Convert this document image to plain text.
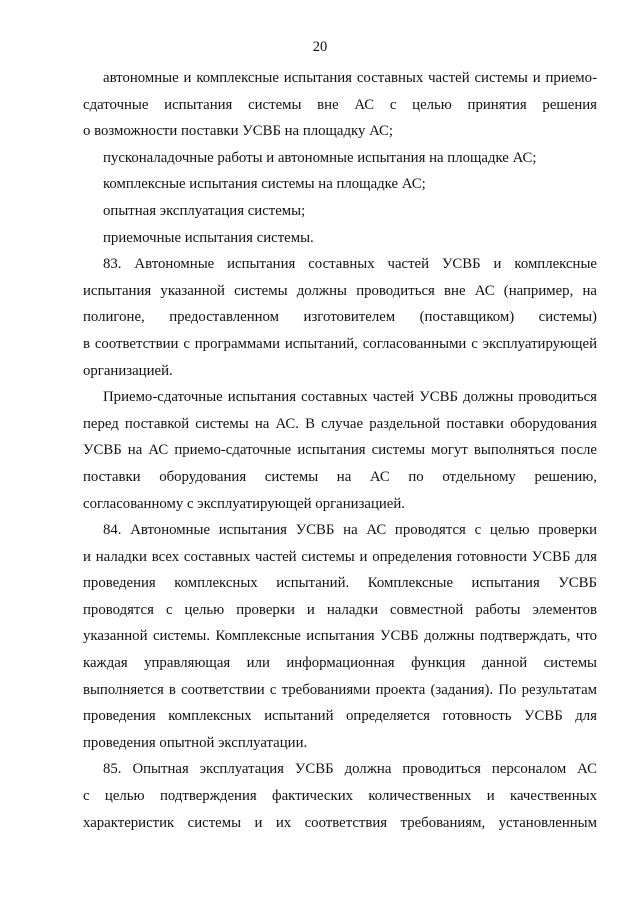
20
автономные и комплексные испытания составных частей системы и приемо-
сдаточные испытания системы вне АС с целью принятия решения
о возможности поставки УСВБ на площадку АС;
пусконаладочные работы и автономные испытания на площадке АС;
комплексные испытания системы на площадке АС;
опытная эксплуатация системы;
приемочные испытания системы.
83. Автономные испытания составных частей УСВБ и комплексные
испытания указанной системы должны проводиться вне АС (например, на
полигоне, предоставленном изготовителем (поставщиком) системы)
в соответствии с программами испытаний, согласованными с эксплуатирующей
организацией.
Приемо-сдаточные испытания составных частей УСВБ должны проводиться
перед поставкой системы на АС. В случае раздельной поставки оборудования
УСВБ на АС приемо-сдаточные испытания системы могут выполняться после
поставки оборудования системы на АС по отдельному решению,
согласованному с эксплуатирующей организацией.
84. Автономные испытания УСВБ на АС проводятся с целью проверки
и наладки всех составных частей системы и определения готовности УСВБ для
проведения комплексных испытаний. Комплексные испытания УСВБ
проводятся с целью проверки и наладки совместной работы элементов
указанной системы. Комплексные испытания УСВБ должны подтверждать, что
каждая управляющая или информационная функция данной системы
выполняется в соответствии с требованиями проекта (задания). По результатам
проведения комплексных испытаний определяется готовность УСВБ для
проведения опытной эксплуатации.
85. Опытная эксплуатация УСВБ должна проводиться персоналом АС
с целью подтверждения фактических количественных и качественных
характеристик системы и их соответствия требованиям, установленным
